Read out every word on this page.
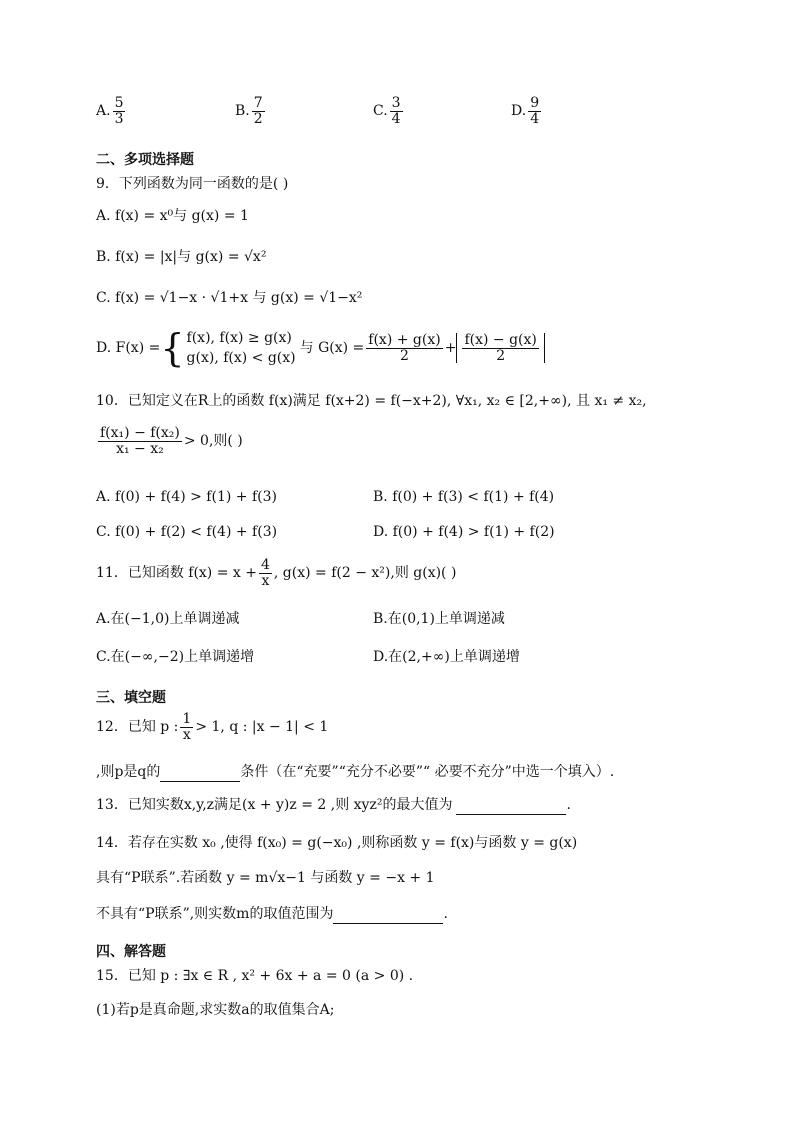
A. $\frac{5}{3}$	B. $\frac{7}{2}$	C. $\frac{3}{4}$	D. $\frac{9}{4}$
二、多项选择题
9．下列函数为同一函数的是( )
A. f(x) = x⁰与 g(x) = 1
B. f(x) = |x|与 g(x) = √x²
C. f(x) = √1−x · √1+x 与 g(x) = √1−x²
D. F(x) = { f(x), f(x) ≥ g(x)
g(x), f(x) < g(x)
与 $G(x) = \frac{f(x) + g(x)}{2} + \frac{f(x) - g(x)}{2}$
10．已知定义在R上的函数 f(x)满足 f(x+2) = f(−x+2), ∀x₁, x₂ ∈ [2,+∞), 且 x₁ ≠ x₂,
$\frac{\text{f(x₁) − f(x₂)}}{\text{x₁ − x₂}} > 0$,则( )
A. f(0) + f(4) > f(1) + f(3)	B. f(0) + f(3) < f(1) + f(4)
C. f(0) + f(2) < f(4) + f(3)	D. f(0) + f(4) > f(1) + f(2)
11．已知函数 $f(x) = x + \frac{4}{x}$ , g(x) = f(2 − x²),则 g(x)( )
A.在(−1,0)上单调递减	B.在(0,1)上单调递减
C.在(−∞,−2)上单调递增	D.在(2,+∞)上单调递增
三、填空题
12．已知 p : $\frac{1}{x} > 1$, q : |x − 1| < 1
,则p是q的	条件（在“充要”“充分不必要”“ 必要不充分”中选一个填入）.
13．已知实数x,y,z满足(x + y)z = 2 ,则 xyz²的最大值为	.
14．若存在实数 x₀ ,使得 f(x₀) = g(−x₀) ,则称函数 y = f(x)与函数 y = g(x)
具有“P联系”.若函数 y = m√x−1 与函数 y = −x + 1
不具有“P联系”,则实数m的取值范围为	.
四、解答题
15．已知 p : ∃x ∈ R , x² + 6x + a = 0 (a > 0) .
(1)若p是真命题,求实数a的取值集合A;
